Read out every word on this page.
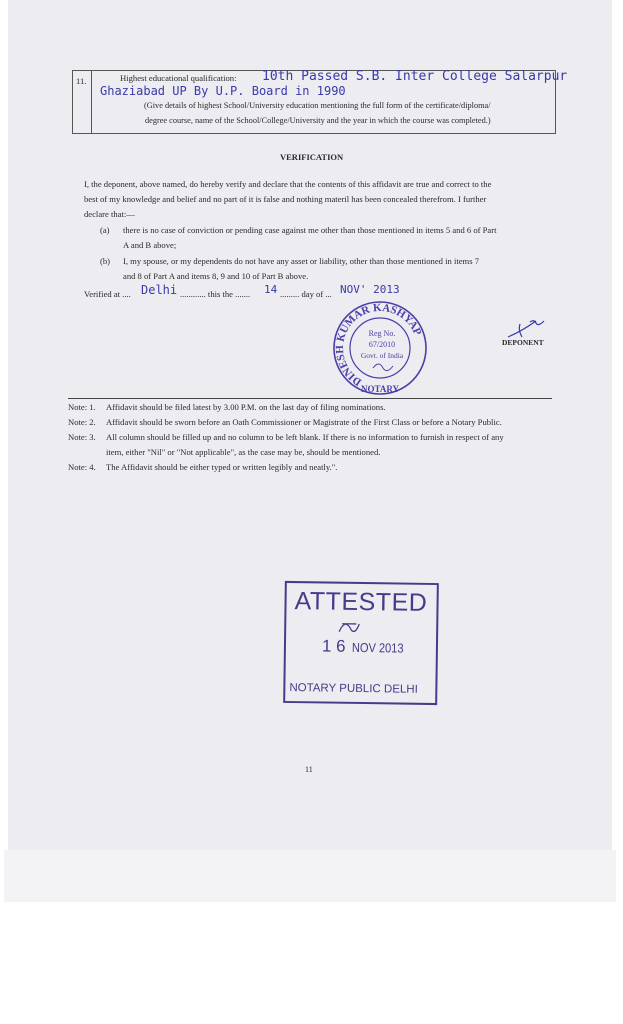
11.	Highest educational qualification: 10th Passed S.B. Inter College Salarpur
Ghaziabad UP By U.P. Board in 1990
(Give details of highest School/University education mentioning the full form of the certificate/diploma/
degree course, name of the School/College/University and the year in which the course was completed.)
VERIFICATION
I, the deponent, above named, do hereby verify and declare that the contents of this affidavit are true and correct to the
best of my knowledge and belief and no part of it is false and nothing materil has been concealed therefrom. I further
declare that:—
(a) there is no case of conviction or pending case against me other than those mentioned in items 5 and 6 of Part
A and B above;
(b) I, my spouse, or my dependents do not have any asset or liability, other than those mentioned in items 7
and 8 of Part A and items 8, 9 and 10 of Part B above.
Verified at .... Delhi ............ this the ....... 14 ......... day of ... NOV' 2013
DINESH KUMAR KASHYAP
NOTARY
Reg No.
67/2010
Govt. of India
DEPONENT
Note: 1. Affidavit should be filed latest by 3.00 P.M. on the last day of filing nominations.
Note: 2. Affidavit should be sworn before an Oath Commissioner or Magistrate of the First Class or before a Notary Public.
Note: 3. All column should be filled up and no column to be left blank. If there is no information to furnish in respect of any
item, either "Nil" or "Not applicable", as the case may be, should be mentioned.
Note: 4. The Affidavit should be either typed or written legibly and neatly.".
ATTESTED
1 6 NOV 2013
NOTARY PUBLIC DELHI
11
